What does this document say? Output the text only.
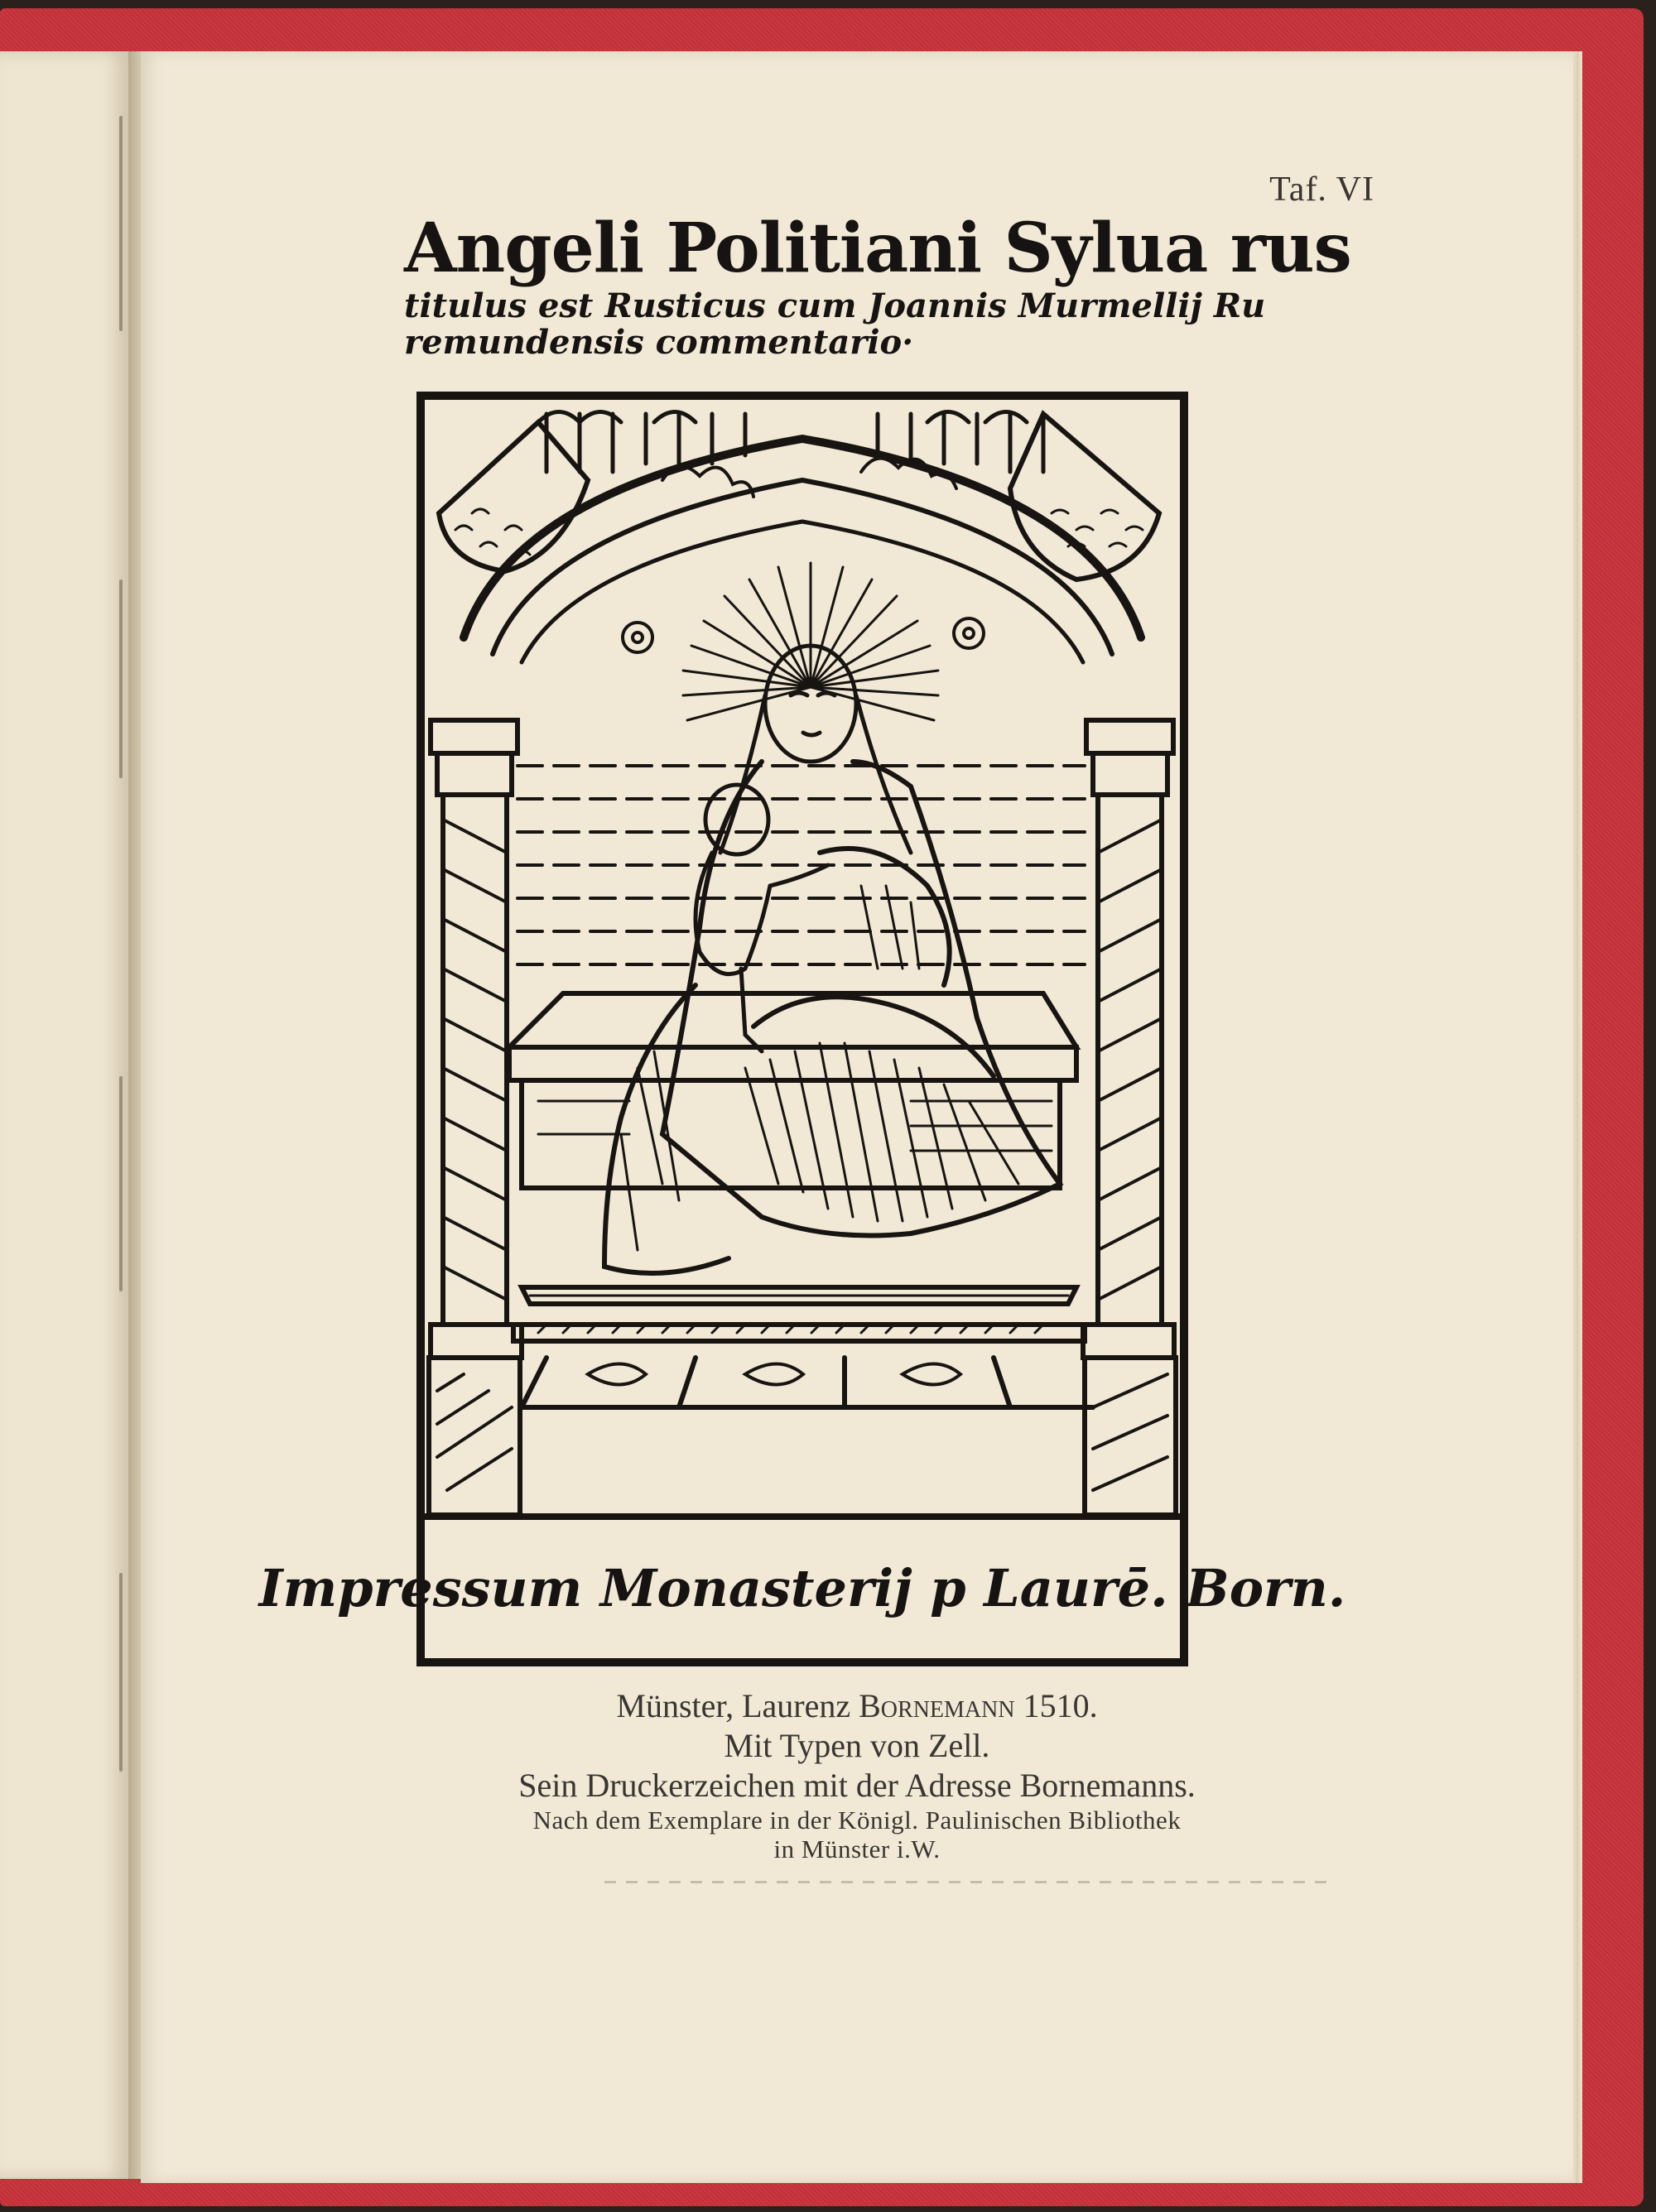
Taf. VI
Angeli Politiani Sylua rus
titulus est Rusticus cum Joannis Murmellij Ru
remundensis commentario·
Impressum Monasterij p Laurē. Born.
Münster, Laurenz Bornemann 1510.
Mit Typen von Zell.
Sein Druckerzeichen mit der Adresse Bornemanns.
Nach dem Exemplare in der Königl. Paulinischen Bibliothek
in Münster i.W.
